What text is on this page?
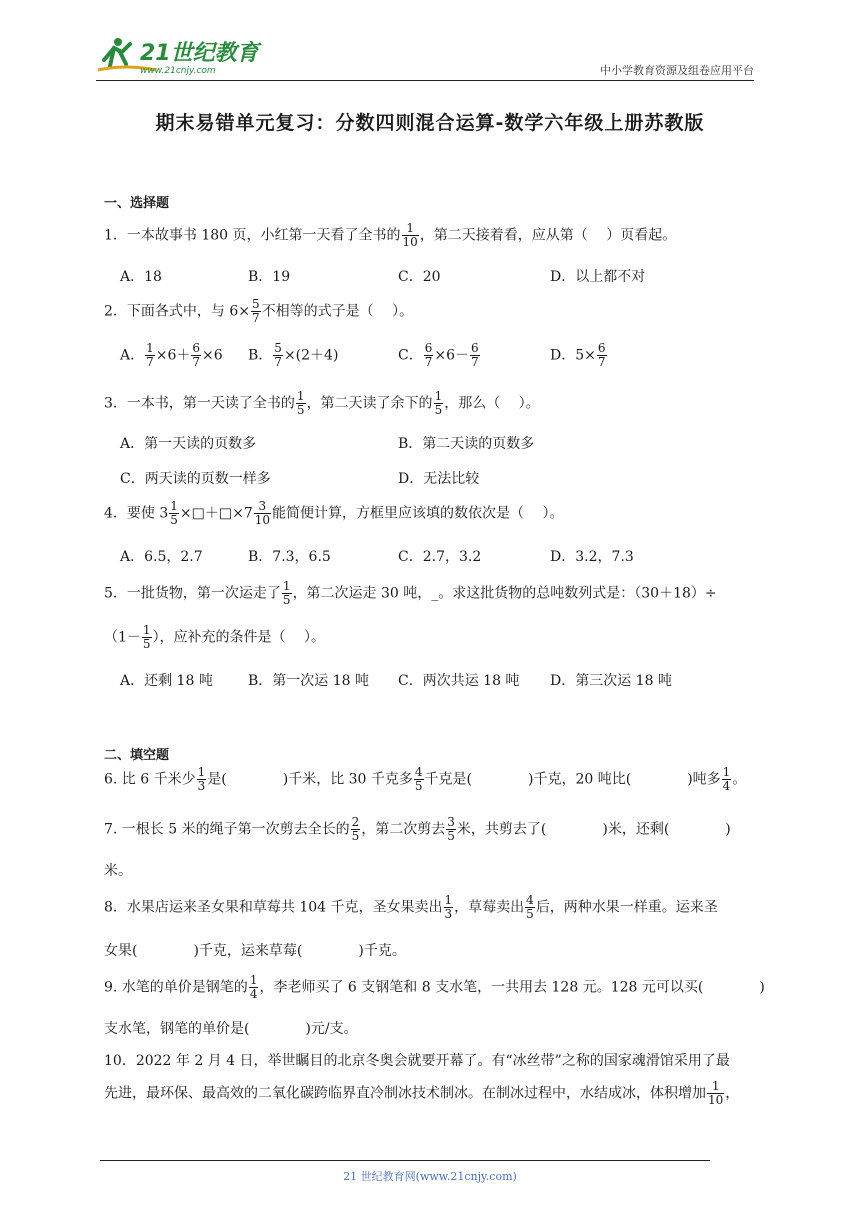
21世纪教育
www.21cnjy.com	中小学教育资源及组卷应用平台
期末易错单元复习：分数四则混合运算-数学六年级上册苏教版
一、选择题
1．一本故事书 180 页，小红第一天看了全书的 $\frac{1}{10}$ ，第二天接着看，应从第（　 ）页看起。
A．18	B．19	C．20	D．以上都不对
2．下面各式中，与 $6\times \frac{5}{7}$ 不相等的式子是（　 ）。
A． $\frac{1}{7} \times 6+ \frac{6}{7} \times 6$ B． $\frac{5}{7} \times(2+4)$	C． $\frac{6}{7} \times 6- \frac{6}{7}$	D．$5\times \frac{6}{7}$
3．一本书，第一天读了全书的 $\frac{1}{5}$ ，第二天读了余下的 $\frac{1}{5}$ ，那么（　 ）。
A．第一天读的页数多	B．第二天读的页数多
C．两天读的页数一样多	D．无法比较
4．要使 $3 \frac{1}{5}$ ×□＋□×7 $\frac{3}{10}$ 能简便计算，方框里应该填的数依次是（　 ）。
A．6.5，2.7	B．7.3，6.5	C．2.7，3.2	D．3.2，7.3
5．一批货物，第一次运走了 $\frac{1}{5}$ ，第二次运走 30 吨，_。求这批货物的总吨数列式是：（30＋18）÷
（$1- \frac{1}{5}$ ），应补充的条件是（　 ）。
A．还剩 18 吨	B．第一次运 18 吨 C．两次共运 18 吨 D．第三次运 18 吨
二、填空题
6. 比 6 千米少 $\frac{1}{3}$ 是(　　　　)千米，比 30 千克多 $\frac{4}{5}$ 千克是(　　　　)千克，20 吨比(　　　　)吨多 $\frac{1}{4}$ 。
7. 一根长 5 米的绳子第一次剪去全长的 $\frac{2}{5}$ ，第二次剪去 $\frac{3}{5}$ 米，共剪去了(　　　　)米，还剩(　　　　)
米。
8．水果店运来圣女果和草莓共 104 千克，圣女果卖出 $\frac{1}{3}$ ，草莓卖出 $\frac{4}{5}$ 后，两种水果一样重。运来圣
女果(　　　　)千克，运来草莓(　　　　)千克。
9. 水笔的单价是钢笔的 $\frac{1}{4}$ ，李老师买了 6 支钢笔和 8 支水笔，一共用去 128 元。128 元可以买(　　　　)
支水笔，钢笔的单价是(　　　　)元/支。
10．2022 年 2 月 4 日，举世瞩目的北京冬奥会就要开幕了。有“冰丝带”之称的国家魂滑馆采用了最
先进，最环保、最高效的二氧化碳跨临界直冷制冰技术制冰。在制冰过程中，水结成冰，体积增加 $\frac{1}{10}$ ，
21 世纪教育网(www.21cnjy.com)
